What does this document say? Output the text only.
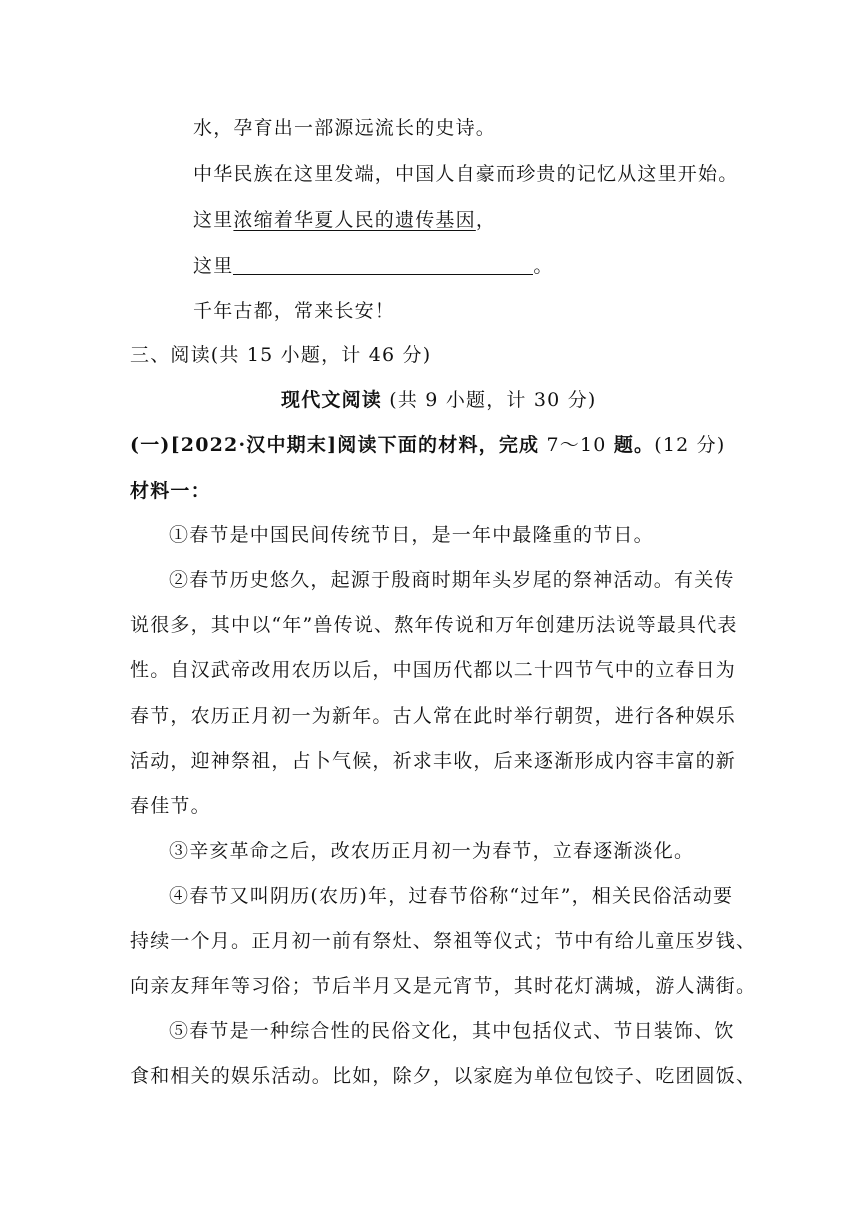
水，孕育出一部源远流长的史诗。
中华民族在这里发端，中国人自豪而珍贵的记忆从这里开始。
这里浓缩着华夏人民的遗传基因，
这里	。
千年古都，常来长安！
三、阅读(共 15 小题，计 46 分)
现代文阅读 (共 9 小题，计 30 分)
(一)[2022·汉中期末]阅读下面的材料，完成 7～10 题。(12 分)
材料一：
①春节是中国民间传统节日，是一年中最隆重的节日。
②春节历史悠久，起源于殷商时期年头岁尾的祭神活动。有关传
说很多，其中以“年”兽传说、熬年传说和万年创建历法说等最具代表
性。自汉武帝改用农历以后，中国历代都以二十四节气中的立春日为
春节，农历正月初一为新年。古人常在此时举行朝贺，进行各种娱乐
活动，迎神祭祖，占卜气候，祈求丰收，后来逐渐形成内容丰富的新
春佳节。
③辛亥革命之后，改农历正月初一为春节，立春逐渐淡化。
④春节又叫阴历(农历)年，过春节俗称“过年”，相关民俗活动要
持续一个月。正月初一前有祭灶、祭祖等仪式；节中有给儿童压岁钱、
向亲友拜年等习俗；节后半月又是元宵节，其时花灯满城，游人满街。
⑤春节是一种综合性的民俗文化，其中包括仪式、节日装饰、饮
食和相关的娱乐活动。比如，除夕，以家庭为单位包饺子、吃团圆饭、
